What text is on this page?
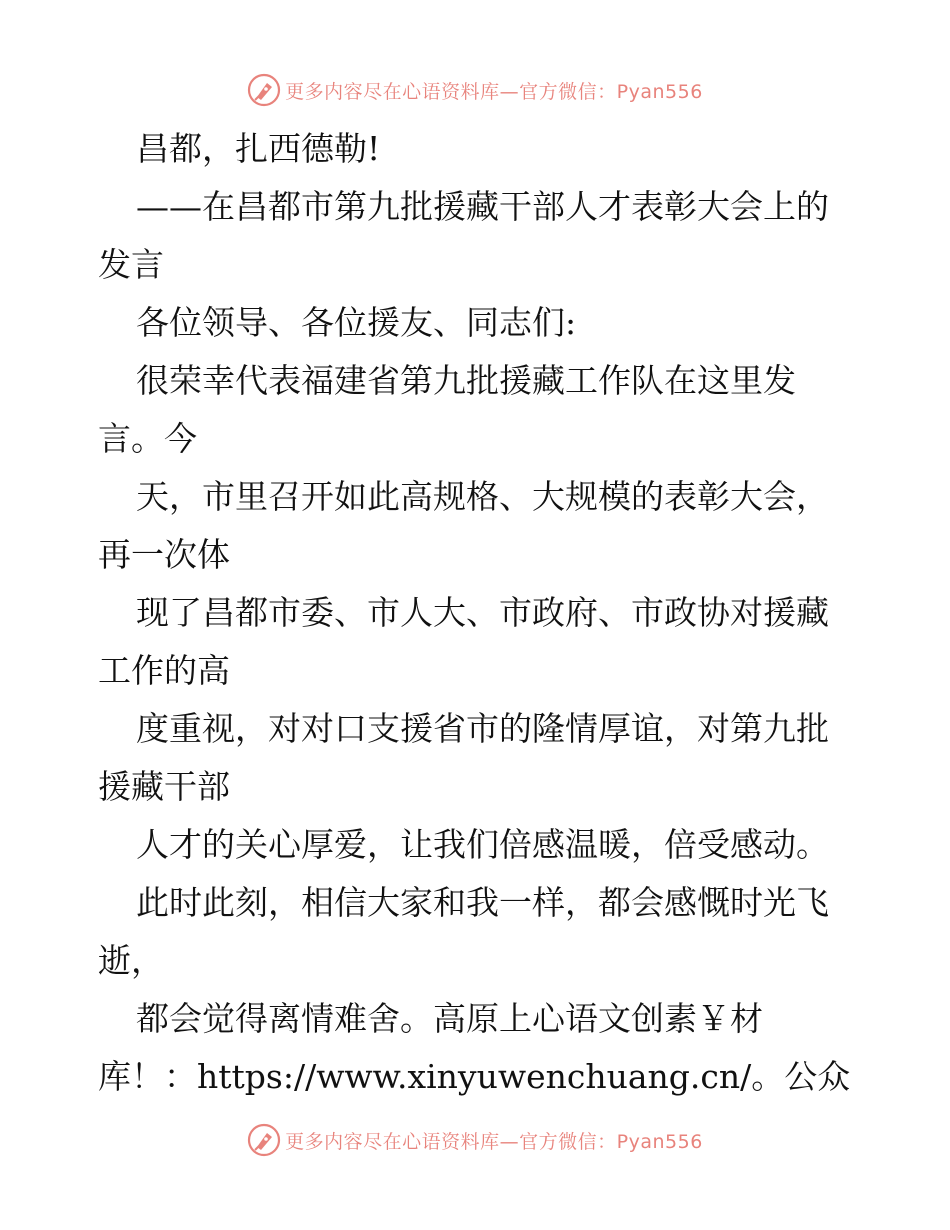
更多内容尽在心语资料库—官方微信：Pyan556
昌都，扎西德勒!
——在昌都市第九批援藏干部人才表彰大会上的
发言
各位领导、各位援友、同志们:
很荣幸代表福建省第九批援藏工作队在这里发
言。今
天，市里召开如此高规格、大规模的表彰大会，
再一次体
现了昌都市委、市人大、市政府、市政协对援藏
工作的高
度重视，对对口支援省市的隆情厚谊，对第九批
援藏干部
人才的关心厚爱，让我们倍感温暖，倍受感动。
此时此刻，相信大家和我一样，都会感慨时光飞
逝，
都会觉得离情难舍。高原上心语文创素￥材
库！：https://www.xinyuwenchuang.cn/。公众
更多内容尽在心语资料库—官方微信：Pyan556
